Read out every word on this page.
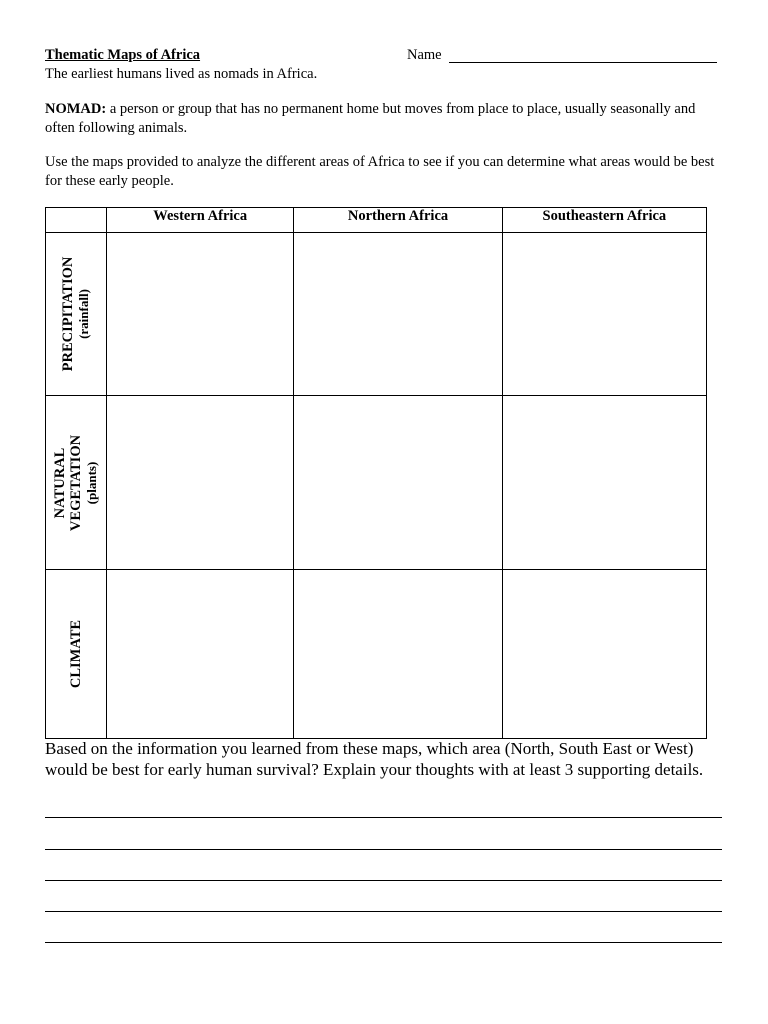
Thematic Maps of Africa	Name
The earliest humans lived as nomads in Africa.
NOMAD: a person or group that has no permanent home but moves from place to place, usually seasonally and often following animals.
Use the maps provided to analyze the different areas of Africa to see if you can determine what areas would be best for these early people.
	Western Africa	Northern Africa	Southeastern Africa

PRECIPITATION (rainfall)			

NATURAL VEGETATION (plants)			

CLIMATE			

Based on the information you learned from these maps, which area (North, South East or West) would be best for early human survival? Explain your thoughts with at least 3 supporting details.
